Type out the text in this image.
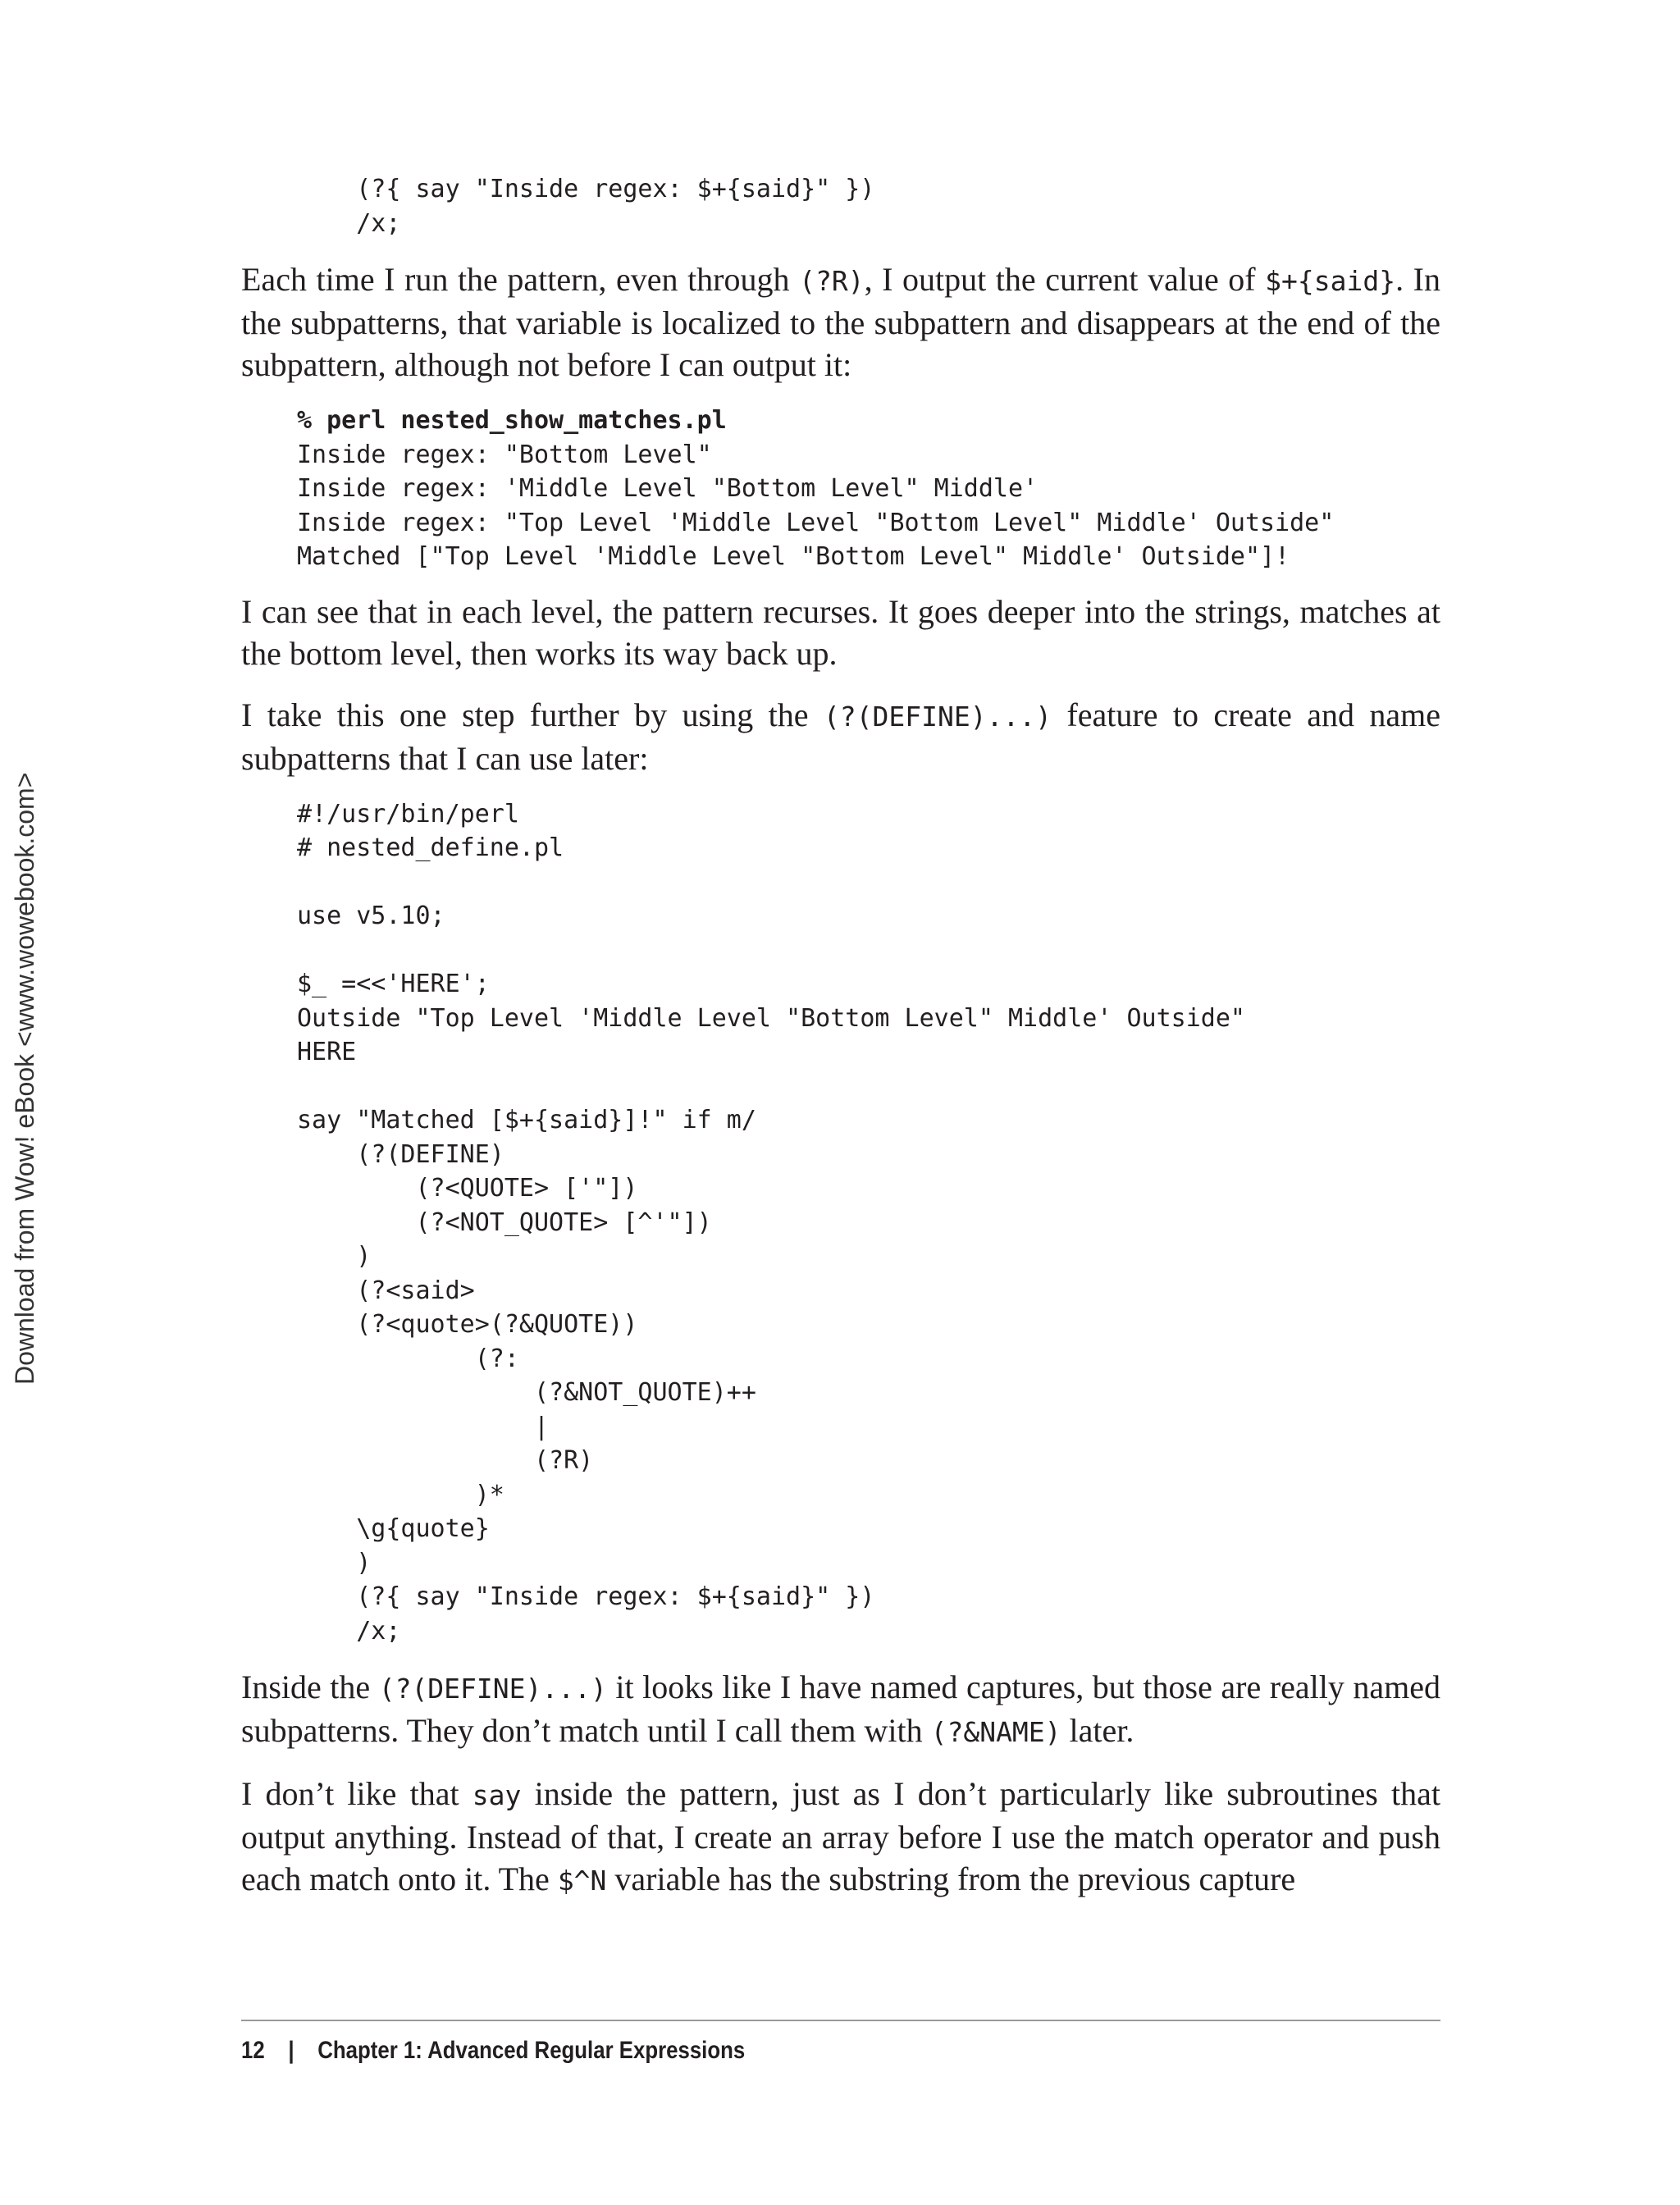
Download from Wow! eBook <www.wowebook.com>
(?{ say "Inside regex: $+{said}" })
/x;

Each time I run the pattern, even through (?R), I output the current value of $+{said}. In the subpatterns, that variable is localized to the subpattern and disappears at the end of the subpattern, although not before I can output it:

% perl nested_show_matches.pl
Inside regex: "Bottom Level"
Inside regex: 'Middle Level "Bottom Level" Middle'
Inside regex: "Top Level 'Middle Level "Bottom Level" Middle' Outside"
Matched ["Top Level 'Middle Level "Bottom Level" Middle' Outside"]!

I can see that in each level, the pattern recurses. It goes deeper into the strings, matches at the bottom level, then works its way back up.

I take this one step further by using the (?(DEFINE)...) feature to create and name subpatterns that I can use later:

#!/usr/bin/perl
# nested_define.pl

use v5.10;

$_ =<<'HERE';
Outside "Top Level 'Middle Level "Bottom Level" Middle' Outside"
HERE

say "Matched [$+{said}]!" if m/
(?(DEFINE)
(?<QUOTE> ['"])
(?<NOT_QUOTE> [^'"])
)
(?<said>
(?<quote>(?&QUOTE))
(?:
(?&NOT_QUOTE)++
|
(?R)
)*
\g{quote}
)
(?{ say "Inside regex: $+{said}" })
/x;

Inside the (?(DEFINE)...) it looks like I have named captures, but those are really named subpatterns. They don’t match until I call them with (?&NAME) later.

I don’t like that say inside the pattern, just as I don’t particularly like subroutines that output anything. Instead of that, I create an array before I use the match operator and push each match onto it. The $^N variable has the substring from the previous capture

12 | Chapter 1: Advanced Regular Expressions
